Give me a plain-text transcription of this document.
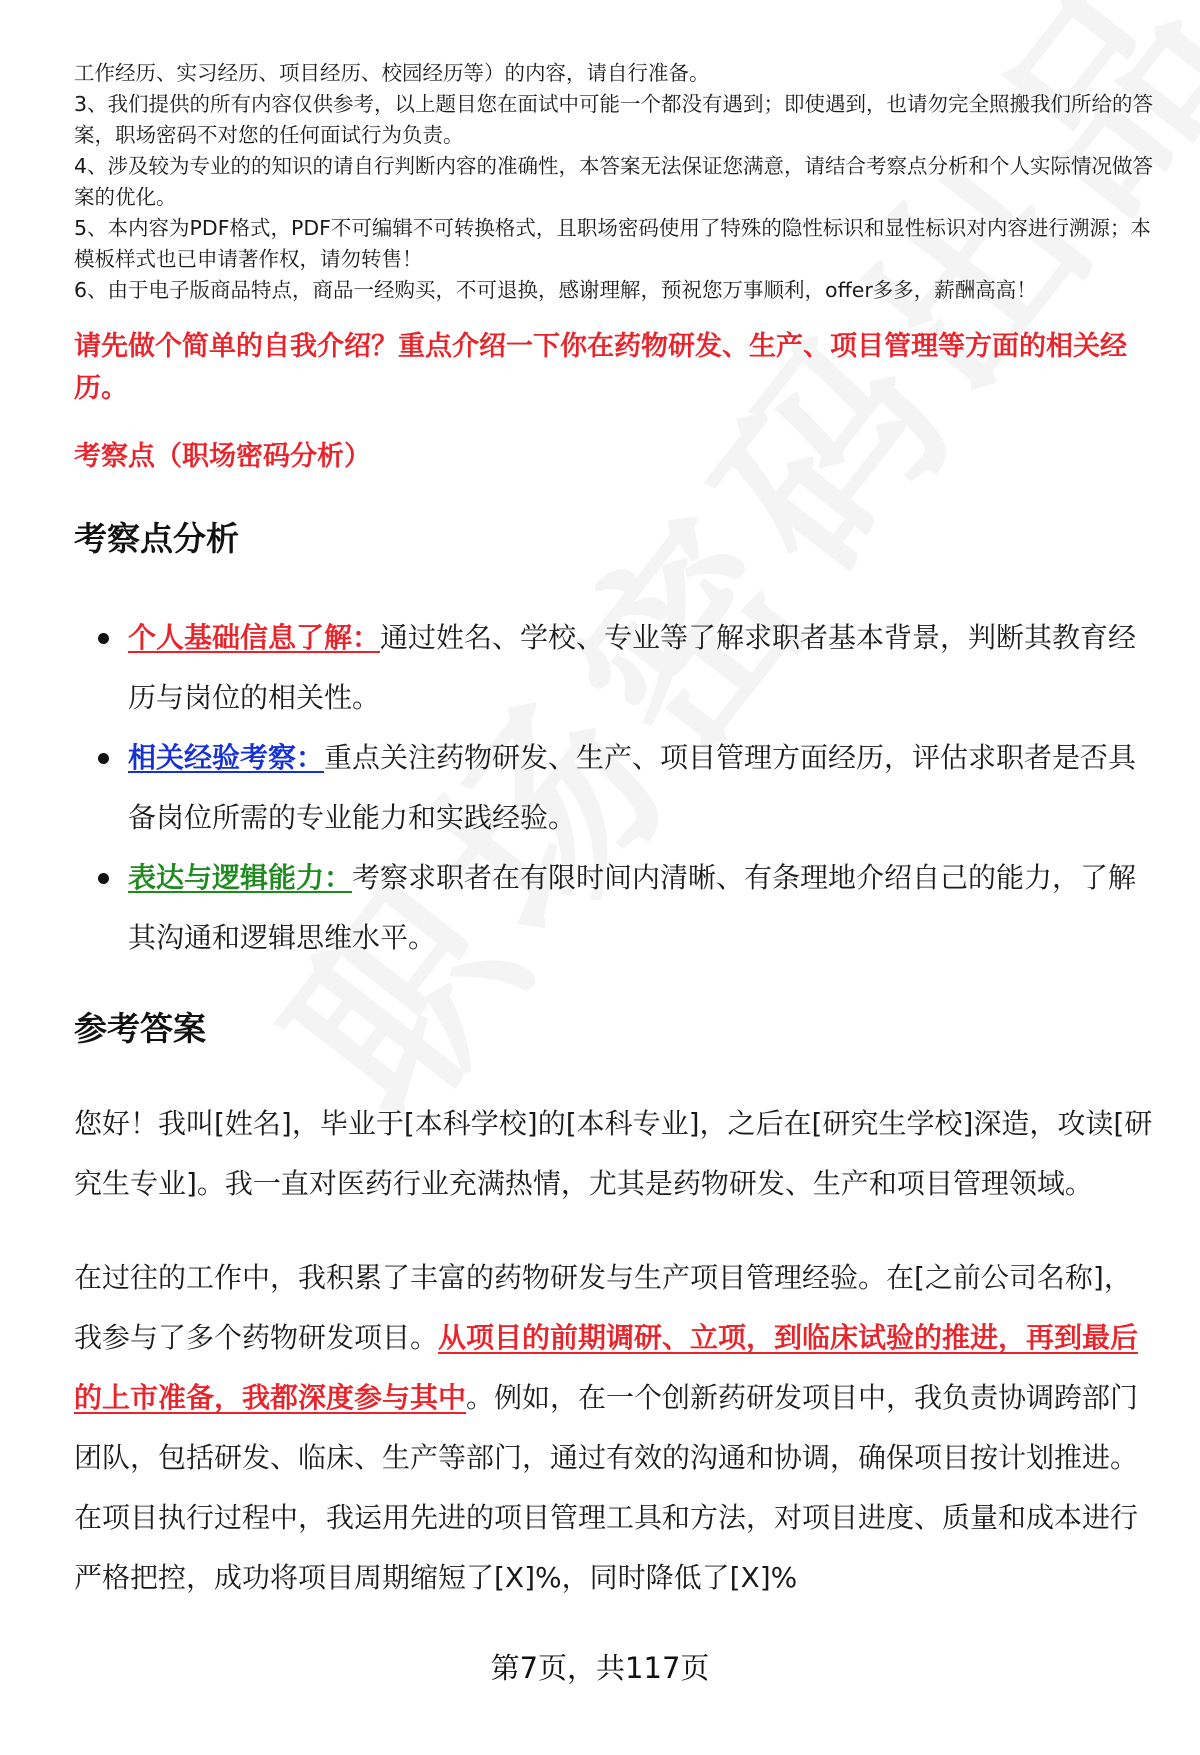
工作经历、实习经历、项目经历、校园经历等）的内容，请自行准备。

3、我们提供的所有内容仅供参考，以上题目您在面试中可能一个都没有遇到；即使遇到，也请勿完全照搬我们所给的答案，职场密码不对您的任何面试行为负责。

4、涉及较为专业的的知识的请自行判断内容的准确性，本答案无法保证您满意，请结合考察点分析和个人实际情况做答案的优化。

5、本内容为PDF格式，PDF不可编辑不可转换格式，且职场密码使用了特殊的隐性标识和显性标识对内容进行溯源；本模板样式也已申请著作权，请勿转售！

6、由于电子版商品特点，商品一经购买，不可退换，感谢理解，预祝您万事顺利，offer多多，薪酬高高！

请先做个简单的自我介绍？重点介绍一下你在药物研发、生产、项目管理等方面的相关经历。

考察点（职场密码分析）

考察点分析
个人基础信息了解：通过姓名、学校、专业等了解求职者基本背景，判断其教育经历与岗位的相关性。
相关经验考察：重点关注药物研发、生产、项目管理方面经历，评估求职者是否具备岗位所需的专业能力和实践经验。
表达与逻辑能力：考察求职者在有限时间内清晰、有条理地介绍自己的能力，了解其沟通和逻辑思维水平。
参考答案

您好！我叫[姓名]，毕业于[本科学校]的[本科专业]，之后在[研究生学校]深造，攻读[研究生专业]。我一直对医药行业充满热情，尤其是药物研发、生产和项目管理领域。

在过往的工作中，我积累了丰富的药物研发与生产项目管理经验。在[之前公司名称]，我参与了多个药物研发项目。从项目的前期调研、立项，到临床试验的推进，再到最后的上市准备，我都深度参与其中。例如，在一个创新药研发项目中，我负责协调跨部门团队，包括研发、临床、生产等部门，通过有效的沟通和协调，确保项目按计划推进。在项目执行过程中，我运用先进的项目管理工具和方法，对项目进度、质量和成本进行严格把控，成功将项目周期缩短了[X]%，同时降低了[X]%

第7页，共117页
